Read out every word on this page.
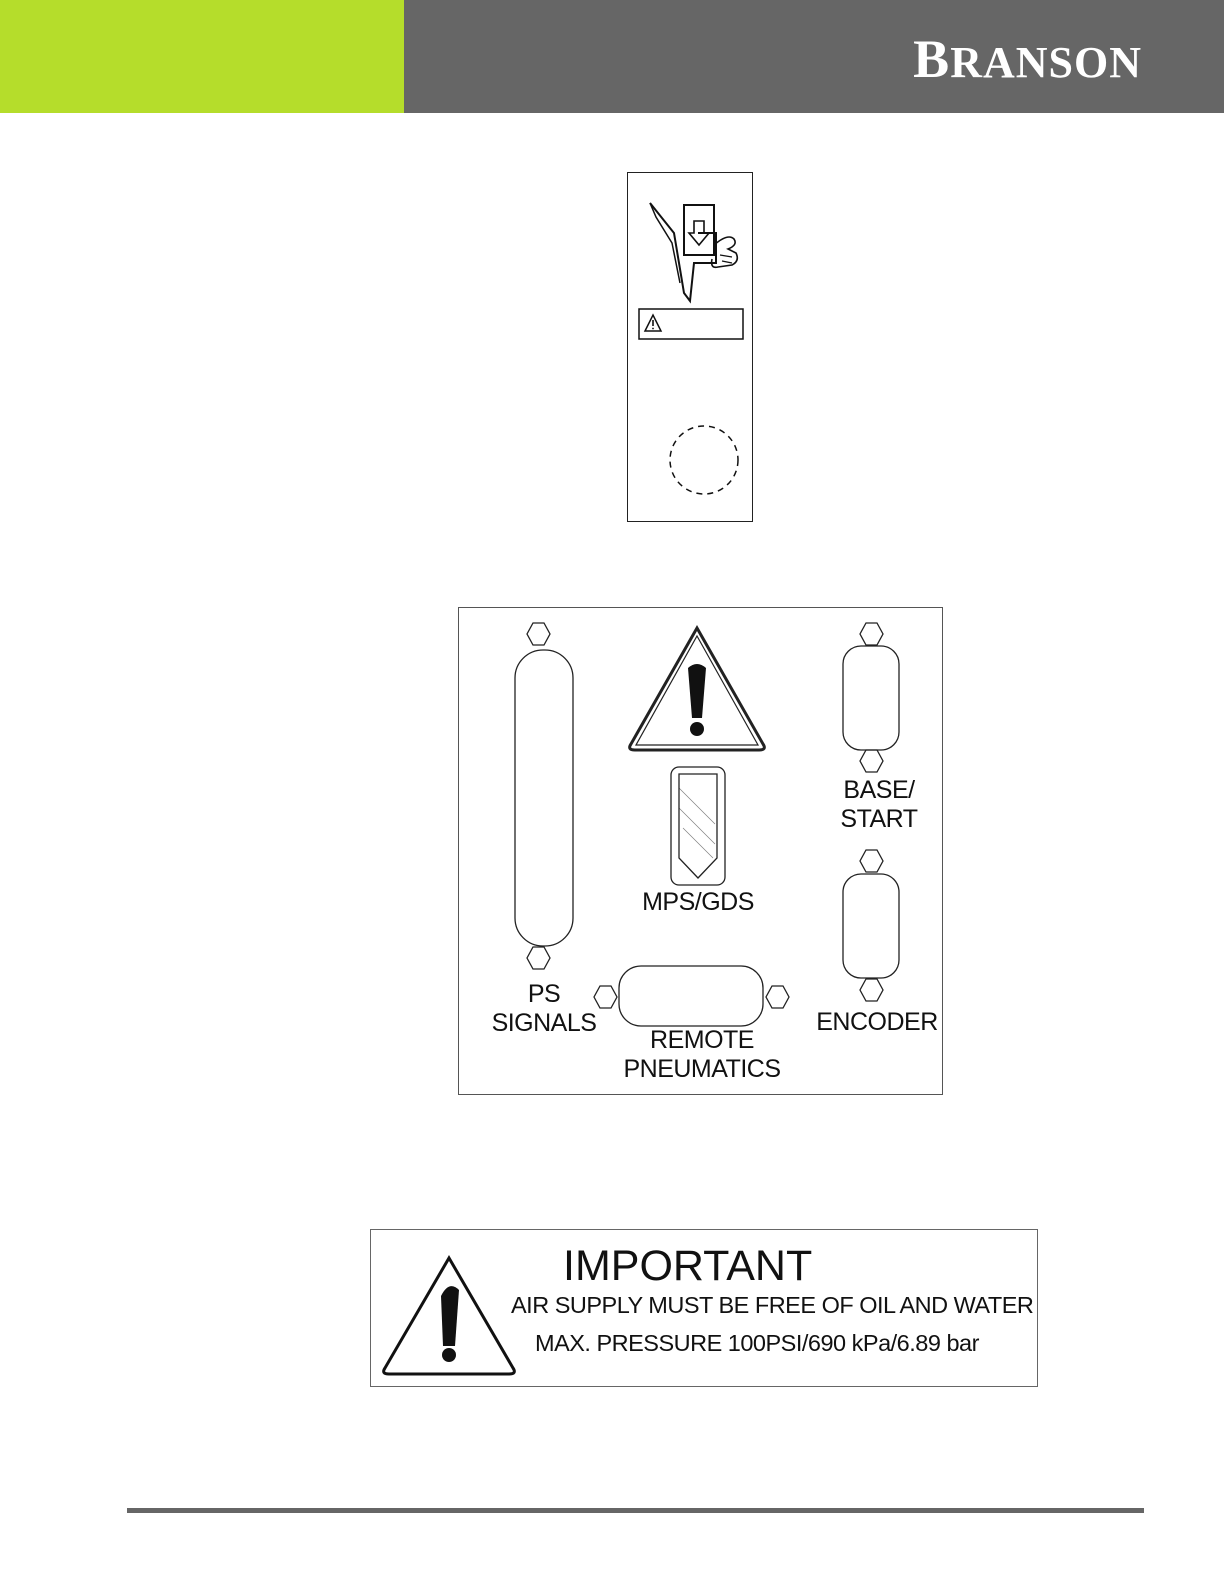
BRANSON
PS
SIGNALS
MPS/GDS
BASE/
START
ENCODER
REMOTE
PNEUMATICS
IMPORTANT
AIR SUPPLY MUST BE FREE OF OIL AND WATER
MAX. PRESSURE 100PSI/690 kPa/6.89 bar
